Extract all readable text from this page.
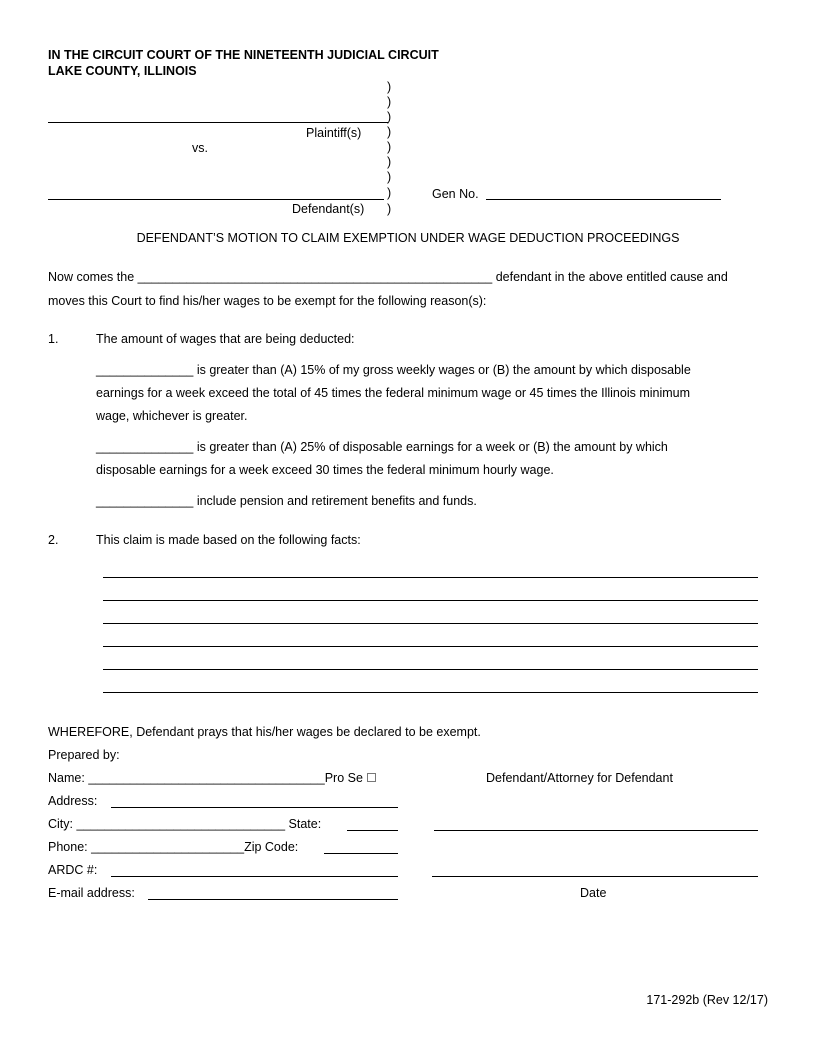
IN THE CIRCUIT COURT OF THE NINETEENTH JUDICIAL CIRCUIT
LAKE COUNTY, ILLINOIS
)
)
)
)
)
)
)
)
)
Plaintiff(s)
vs.
Defendant(s)
Gen No.
DEFENDANT’S MOTION TO CLAIM EXEMPTION UNDER WAGE DEDUCTION PROCEEDINGS
Now comes the ___________________________________________________ defendant in the above entitled cause and
moves this Court to find his/her wages to be exempt for the following reason(s):
1.	The amount of wages that are being deducted:
______________ is greater than (A) 15% of my gross weekly wages or (B) the amount by which disposable
earnings for a week exceed the total of 45 times the federal minimum wage or 45 times the Illinois minimum
wage, whichever is greater.
______________ is greater than (A) 25% of disposable earnings for a week or (B) the amount by which
disposable earnings for a week exceed 30 times the federal minimum hourly wage.
______________ include pension and retirement benefits and funds.
2.	This claim is made based on the following facts:
WHEREFORE, Defendant prays that his/her wages be declared to be exempt.
Prepared by:
Name: __________________________________Pro Se	Defendant/Attorney for Defendant
Address:
City: ______________________________ State:
Phone: ______________________Zip Code:
ARDC #:
E-mail address:	Date
171-292b (Rev 12/17)
